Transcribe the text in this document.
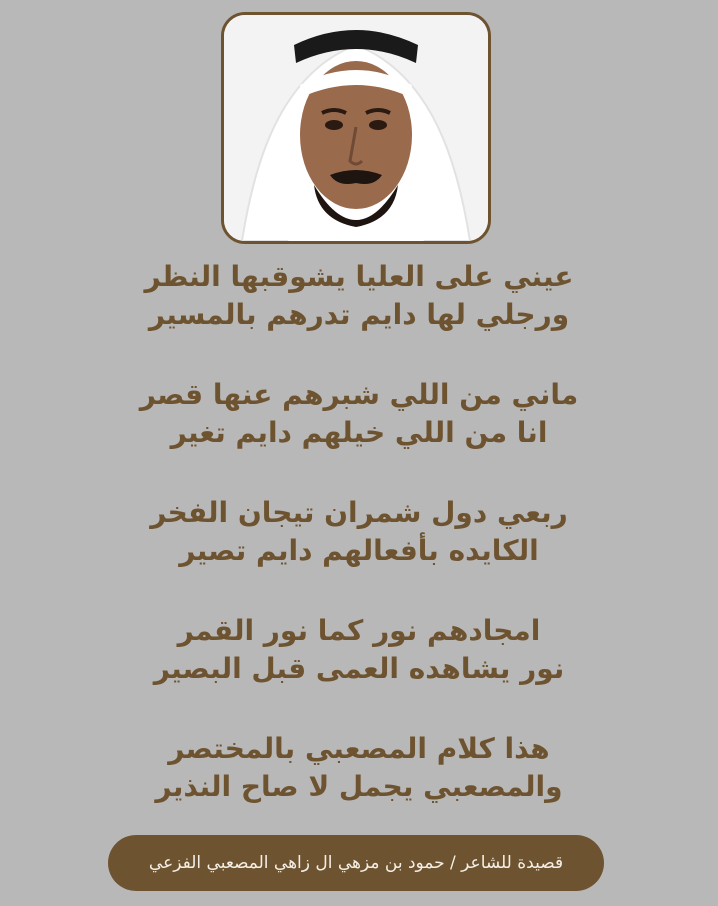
عيني على العليا يشوقبها النظر
ورجلي لها دايم تدرهم بالمسير
ماني من اللي شبرهم عنها قصر
انا من اللي خيلهم دايم تغير
ربعي دول شمران تيجان الفخر
الكايده بأفعالهم دايم تصير
امجادهم نور كما نور القمر
نور يشاهده العمى قبل البصير
هذا كلام المصعبي بالمختصر
والمصعبي يجمل لا صاح النذير
قصيدة للشاعر / حمود بن مزهي ال زاهي المصعبي الفزعي
